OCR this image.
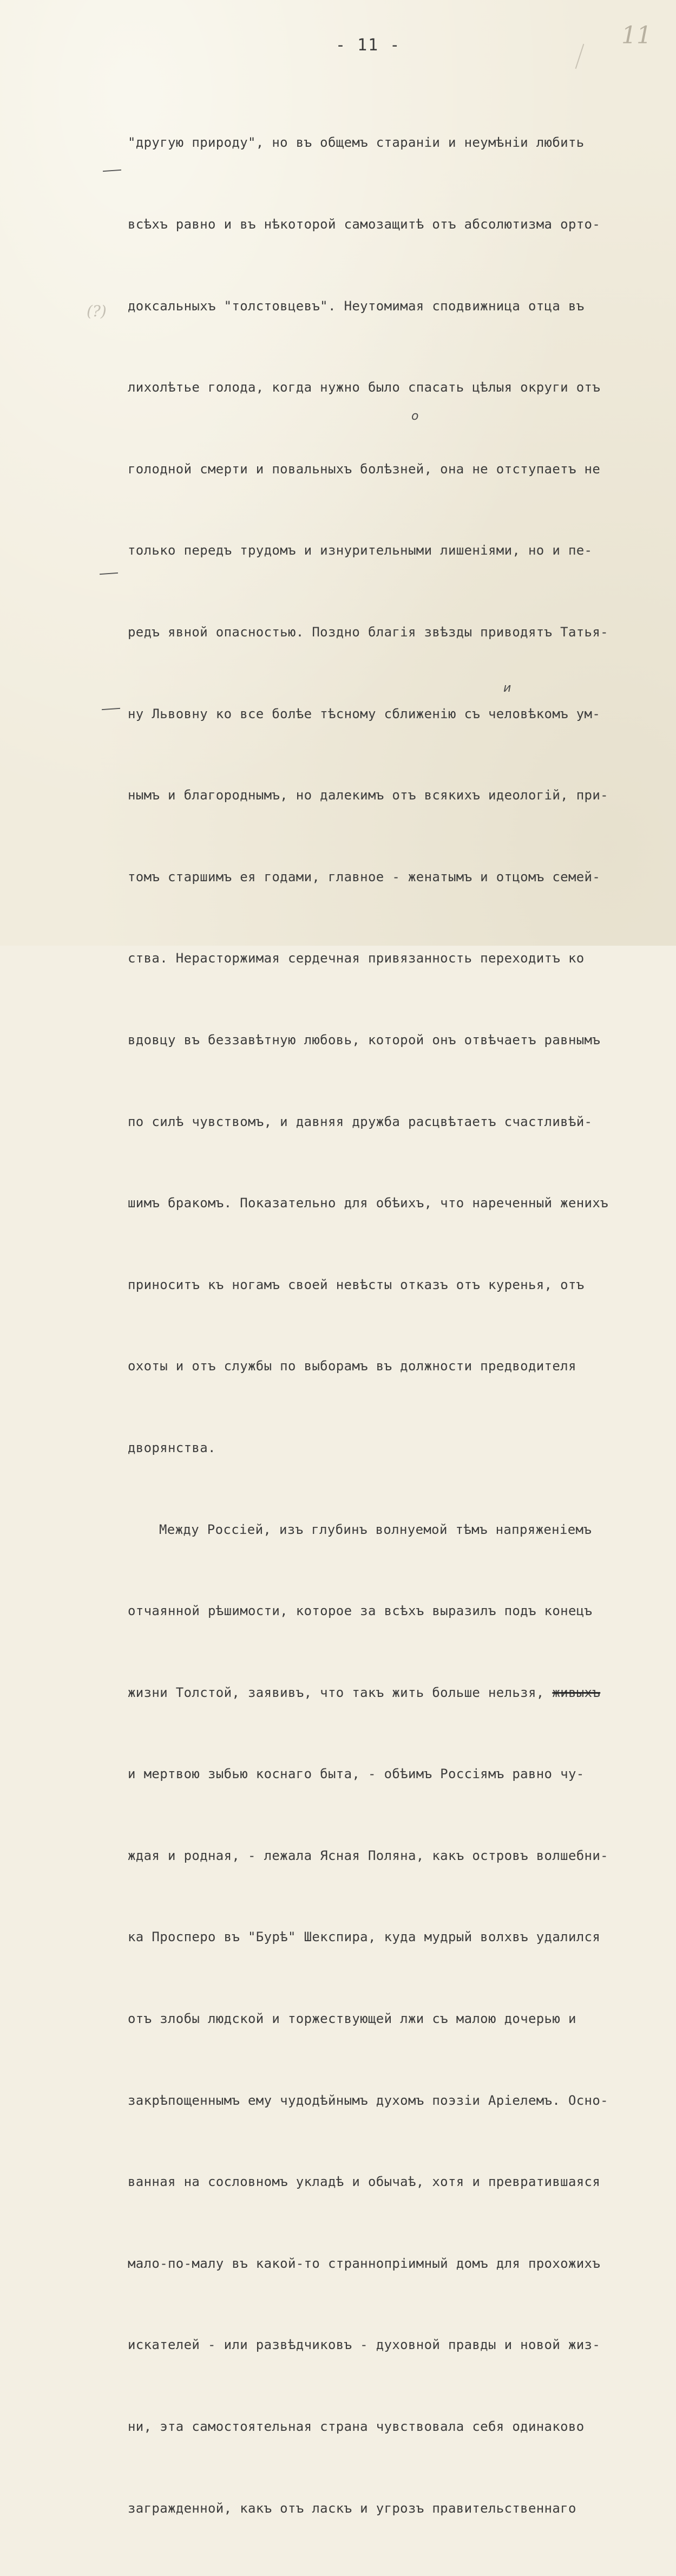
- 11 -	11
(?)
о
и

"другую природу", но въ общемъ стараніи и неумѣніи любить

всѣхъ равно и въ нѣкоторой самозащитѣ отъ абсолютизма орто-

доксальныхъ "толстовцевъ". Неутомимая сподвижница отца въ

лихолѣтье голода, когда нужно было спасать цѣлыя округи отъ

голодной смерти и повальныхъ болѣзней, она не отступаетъ не

только передъ трудомъ и изнурительными лишеніями, но и пе-

редъ явной опасностью. Поздно благія звѣзды приводятъ Татья-

ну Львовну ко все болѣе тѣсному сближенію съ человѣкомъ ум-

нымъ и благороднымъ, но далекимъ отъ всякихъ идеологій, при-

томъ старшимъ ея годами, главное - женатымъ и отцомъ семей-

ства. Нерасторжимая сердечная привязанность переходитъ ко

вдовцу въ беззавѣтную любовь, которой онъ отвѣчаетъ равнымъ

по силѣ чувствомъ, и давняя дружба расцвѣтаетъ счастливѣй-

шимъ бракомъ. Показательно для обѣихъ, что нареченный женихъ

приноситъ къ ногамъ своей невѣсты отказъ отъ куренья, отъ

охоты и отъ службы по выборамъ въ должности предводителя

дворянства.

Между Россіей, изъ глубинъ волнуемой тѣмъ напряженіемъ

отчаянной рѣшимости, которое за всѣхъ выразилъ подъ конецъ

жизни Толстой, заявивъ, что такъ жить больше нельзя, живыхъ

и мертвою зыбью коснаго быта, - обѣимъ Россіямъ равно чу-

ждая и родная, - лежала Ясная Поляна, какъ островъ волшебни-

ка Просперо въ "Бурѣ" Шекспира, куда мудрый волхвъ удалился

отъ злобы людской и торжествующей лжи съ малою дочерью и

закрѣпощеннымъ ему чудодѣйнымъ духомъ поэзіи Аріелемъ. Осно-

ванная на сословномъ укладѣ и обычаѣ, хотя и превратившаяся

мало-по-малу въ какой-то страннопріимный домъ для прохожихъ

искателей - или развѣдчиковъ - духовной правды и новой жиз-

ни, эта самостоятельная страна чувствовала себя одинаково

загражденной, какъ отъ ласкъ и угрозъ правительственнаго
